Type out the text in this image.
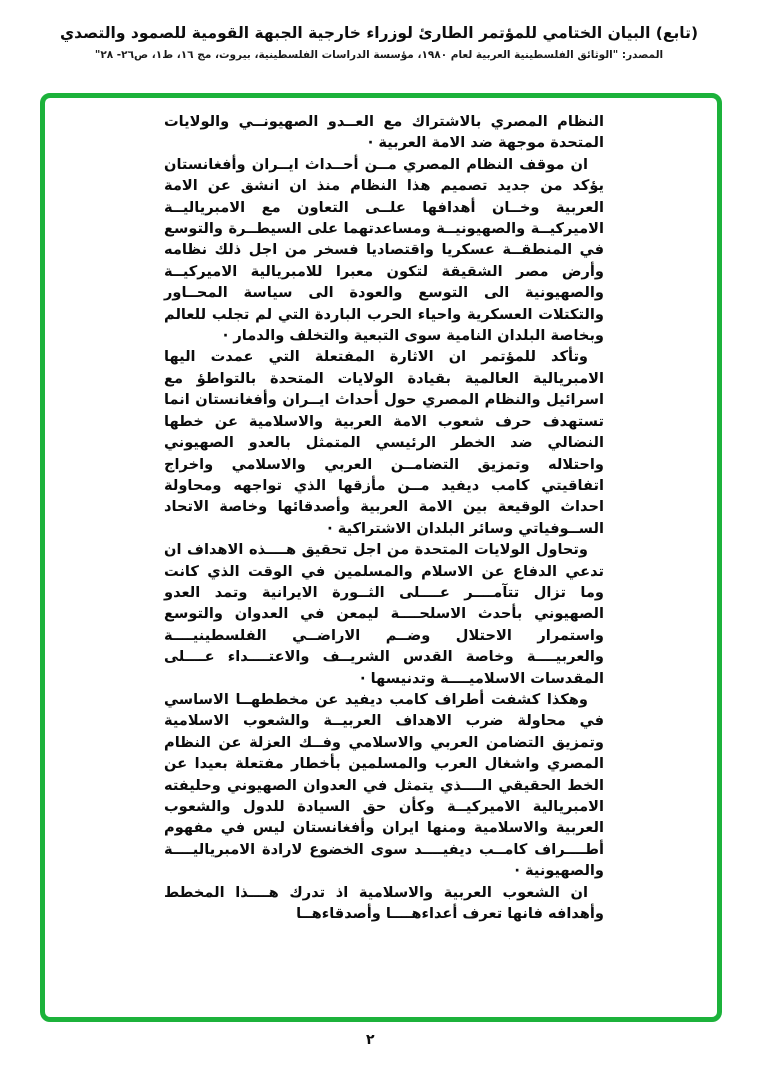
(تابع) البيان الختامي للمؤتمر الطارئ لوزراء خارجية الجبهة القومية للصمود والتصدي
المصدر: "الوثائق الفلسطينية العربية لعام ١٩٨٠، مؤسسة الدراسات الفلسطينية، بيروت، مج ١٦، ط١، ص٢٦- ٢٨"

النظام المصري بالاشتراك مع العــدو الصهيونــي والولايات المتحدة موجهة ضد الامة العربية ·

ان موقف النظام المصري مــن أحــداث ايــران وأفغانستان يؤكد من جديد تصميم هذا النظام منذ ان انشق عن الامة العربية وخــان أهدافها علــى التعاون مع الامبرياليــة الاميركيــة والصهيونيــة ومساعدتهما على السيطــرة والتوسع في المنطقــة عسكريا واقتصاديا فسخر من اجل ذلك نظامه وأرض مصر الشقيقة لتكون معبرا للامبريالية الاميركيــة والصهيونية الى التوسع والعودة الى سياسة المحــاور والتكتلات العسكرية واحياء الحرب الباردة التي لم تجلب للعالم وبخاصة البلدان النامية سوى التبعية والتخلف والدمار ·

وتأكد للمؤتمر ان الاثارة المفتعلة التي عمدت اليها الامبريالية العالمية بقيادة الولايات المتحدة بالتواطؤ مع اسرائيل والنظام المصري حول أحداث ايــران وأفغانستان انما تستهدف حرف شعوب الامة العربية والاسلامية عن خطها النضالي ضد الخطر الرئيسي المتمثل بالعدو الصهيوني واحتلاله وتمزيق التضامــن العربي والاسلامي واخراج اتفاقيتي كامب ديفيد مــن مأزقها الذي تواجهه ومحاولة احداث الوقيعة بين الامة العربية وأصدقائها وخاصة الاتحاد الســوفياتي وسائر البلدان الاشتراكية ·

وتحاول الولايات المتحدة من اجل تحقيق هــــذه الاهداف ان تدعي الدفاع عن الاسلام والمسلمين في الوقت الذي كانت وما تزال تتآمــــر عــــلى الثــورة الايرانية وتمد العدو الصهيوني بأحدث الاسلحــــة ليمعن في العدوان والتوسع واستمرار الاحتلال وضــم الاراضــي الفلسطينيــــة والعربيــــة وخاصة القدس الشريــف والاعتــــداء عــــلى المقدسات الاسلاميــــة وتدنيسها ·

وهكذا كشفت أطراف كامب ديفيد عن مخططهــا الاساسي في محاولة ضرب الاهداف العربيــة والشعوب الاسلامية وتمزيق التضامن العربي والاسلامي وفــك العزلة عن النظام المصري واشغال العرب والمسلمين بأخطار مفتعلة بعيدا عن الخط الحقيقي الــــذي يتمثل في العدوان الصهيوني وحليفته الامبريالية الاميركيــة وكأن حق السيادة للدول والشعوب العربية والاسلامية ومنها ايران وأفغانستان ليس في مفهوم أطــــراف كامــب ديفيــــد سوى الخضوع لارادة الامبرياليــــة والصهيونية ·

ان الشعوب العربية والاسلامية اذ تدرك هــــذا المخطط وأهدافه فانها تعرف أعداءهــــا وأصدقاءهــا

٢
